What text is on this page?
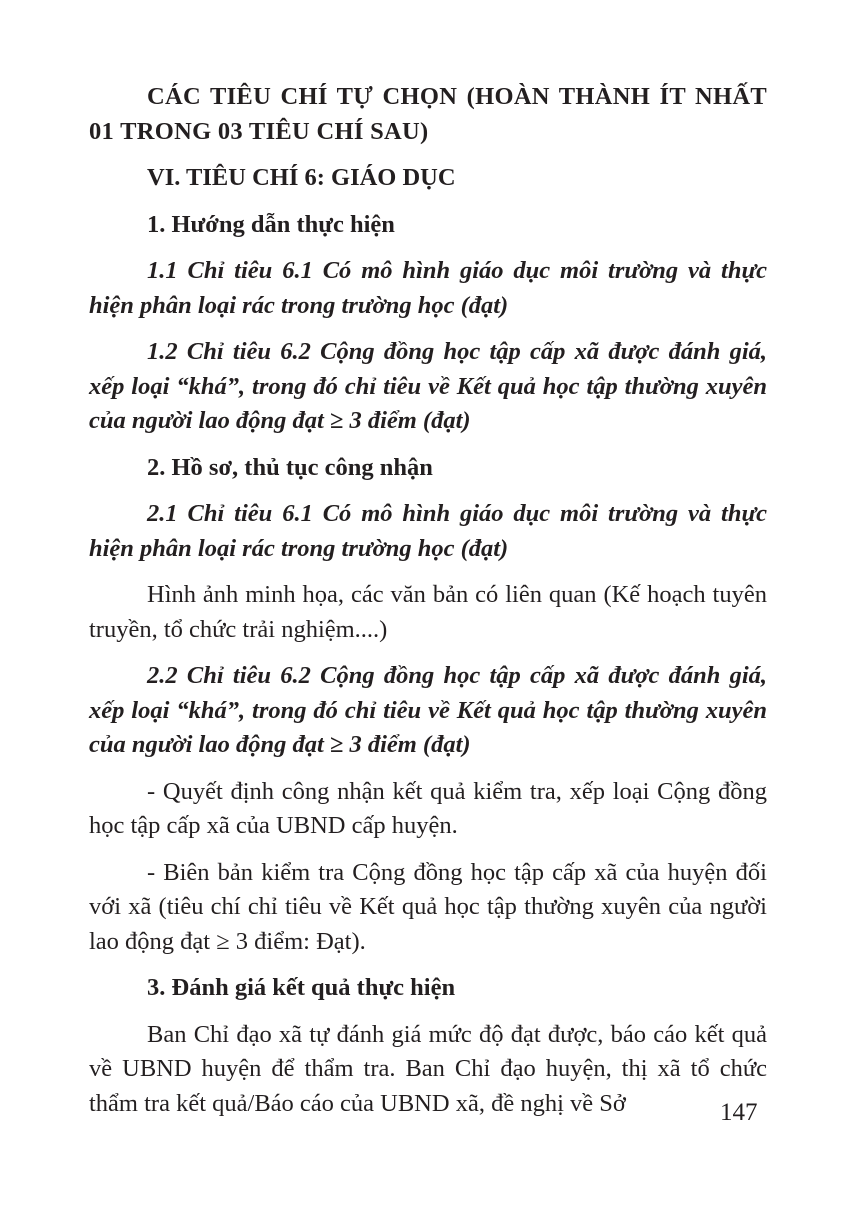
CÁC TIÊU CHÍ TỰ CHỌN (HOÀN THÀNH ÍT NHẤT 01 TRONG 03 TIÊU CHÍ SAU)

VI. TIÊU CHÍ 6: GIÁO DỤC

1. Hướng dẫn thực hiện

1.1 Chỉ tiêu 6.1 Có mô hình giáo dục môi trường và thực hiện phân loại rác trong trường học (đạt)

1.2 Chỉ tiêu 6.2 Cộng đồng học tập cấp xã được đánh giá, xếp loại “khá”, trong đó chỉ tiêu về Kết quả học tập thường xuyên của người lao động đạt ≥ 3 điểm (đạt)

2. Hồ sơ, thủ tục công nhận

2.1 Chỉ tiêu 6.1 Có mô hình giáo dục môi trường và thực hiện phân loại rác trong trường học (đạt)

Hình ảnh minh họa, các văn bản có liên quan (Kế hoạch tuyên truyền, tổ chức trải nghiệm....)

2.2 Chỉ tiêu 6.2 Cộng đồng học tập cấp xã được đánh giá, xếp loại “khá”, trong đó chỉ tiêu về Kết quả học tập thường xuyên của người lao động đạt ≥ 3 điểm (đạt)

- Quyết định công nhận kết quả kiểm tra, xếp loại Cộng đồng học tập cấp xã của UBND cấp huyện.

- Biên bản kiểm tra Cộng đồng học tập cấp xã của huyện đối với xã (tiêu chí chỉ tiêu về Kết quả học tập thường xuyên của người lao động đạt ≥ 3 điểm: Đạt).

3. Đánh giá kết quả thực hiện

Ban Chỉ đạo xã tự đánh giá mức độ đạt được, báo cáo kết quả về UBND huyện để thẩm tra. Ban Chỉ đạo huyện, thị xã tổ chức thẩm tra kết quả/Báo cáo của UBND xã, đề nghị về Sở	147
